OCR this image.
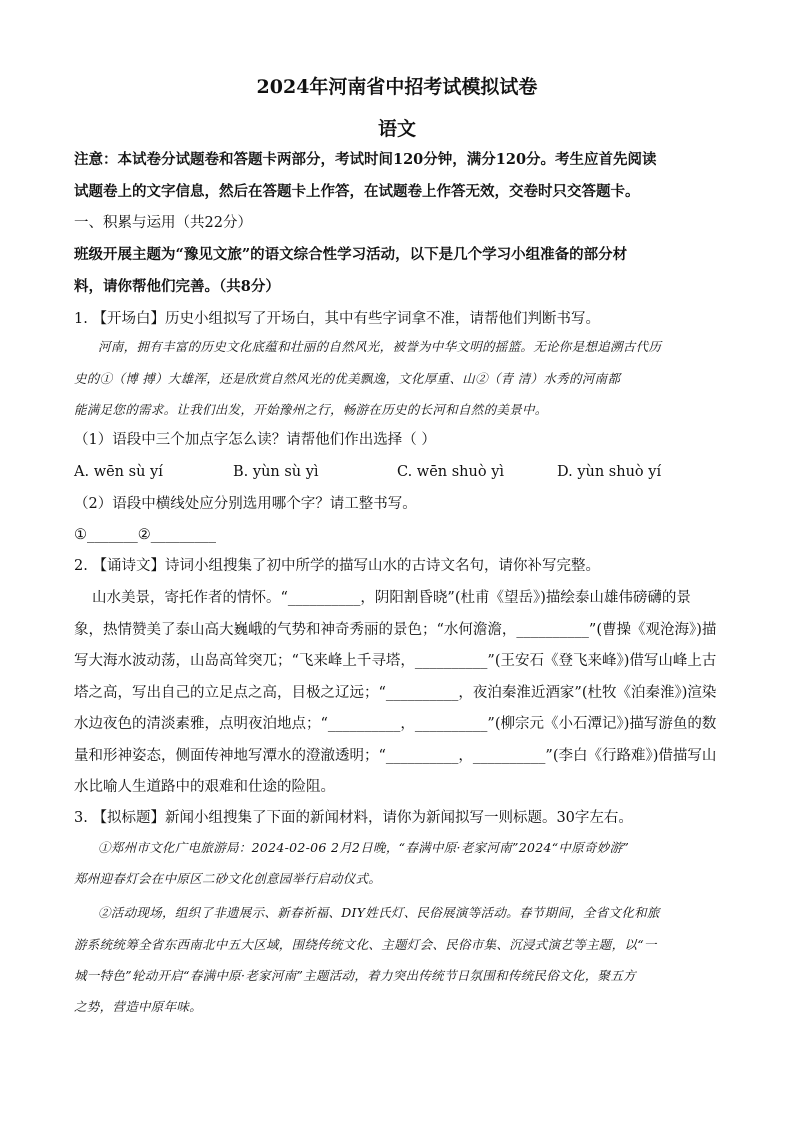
2024年河南省中招考试模拟试卷
语文

注意：本试卷分试题卷和答题卡两部分，考试时间120分钟，满分120分。考生应首先阅读

试题卷上的文字信息，然后在答题卡上作答，在试题卷上作答无效，交卷时只交答题卡。

一、积累与运用（共22分）

班级开展主题为“豫见文旅”的语文综合性学习活动，以下是几个学习小组准备的部分材

料，请你帮他们完善。（共8分）

1. 【开场白】历史小组拟写了开场白，其中有些字词拿不准，请帮他们判断书写。

河南，拥有丰富的历史文化底蕴和壮丽的自然风光，被誉为中华文明的摇篮。无论你是想追溯古代历

史的①（博 搏）大雄浑，还是欣赏自然风光的优美飘逸，文化厚重、山②（青 清）水秀的河南都

能满足您的需求。让我们出发，开始豫州之行，畅游在历史的长河和自然的美景中。

（1）语段中三个加点字怎么读？请帮他们作出选择（ ）

A. wēn sù yí	B. yùn sù yì	C. wēn shuò yì	D. yùn shuò yí

（2）语段中横线处应分别选用哪个字？请工整书写。

①_______②_________

2. 【诵诗文】诗词小组搜集了初中所学的描写山水的古诗文名句，请你补写完整。

山水美景，寄托作者的情怀。“__________，阴阳割昏晓”(杜甫《望岳》)描绘泰山雄伟磅礴的景

象，热情赞美了泰山高大巍峨的气势和神奇秀丽的景色；“水何澹澹，__________”(曹操《观沧海》)描

写大海水波动荡，山岛高耸突兀；“飞来峰上千寻塔，__________”(王安石《登飞来峰》)借写山峰上古

塔之高，写出自己的立足点之高，目极之辽远；“__________，夜泊秦淮近酒家”(杜牧《泊秦淮》)渲染

水边夜色的清淡素雅，点明夜泊地点；“__________，__________”(柳宗元《小石潭记》)描写游鱼的数

量和形神姿态，侧面传神地写潭水的澄澈透明；“__________，__________”(李白《行路难》)借描写山

水比喻人生道路中的艰难和仕途的险阻。

3. 【拟标题】新闻小组搜集了下面的新闻材料，请你为新闻拟写一则标题。30字左右。

①郑州市文化广电旅游局：2024-02-06 2月2日晚，“春满中原·老家河南”2024“中原奇妙游”

郑州迎春灯会在中原区二砂文化创意园举行启动仪式。

②活动现场，组织了非遗展示、新春祈福、DIY姓氏灯、民俗展演等活动。春节期间，全省文化和旅

游系统统筹全省东西南北中五大区域，围绕传统文化、主题灯会、民俗市集、沉浸式演艺等主题，以“一

城一特色”轮动开启“春满中原·老家河南”主题活动，着力突出传统节日氛围和传统民俗文化，聚五方

之势，营造中原年味。
